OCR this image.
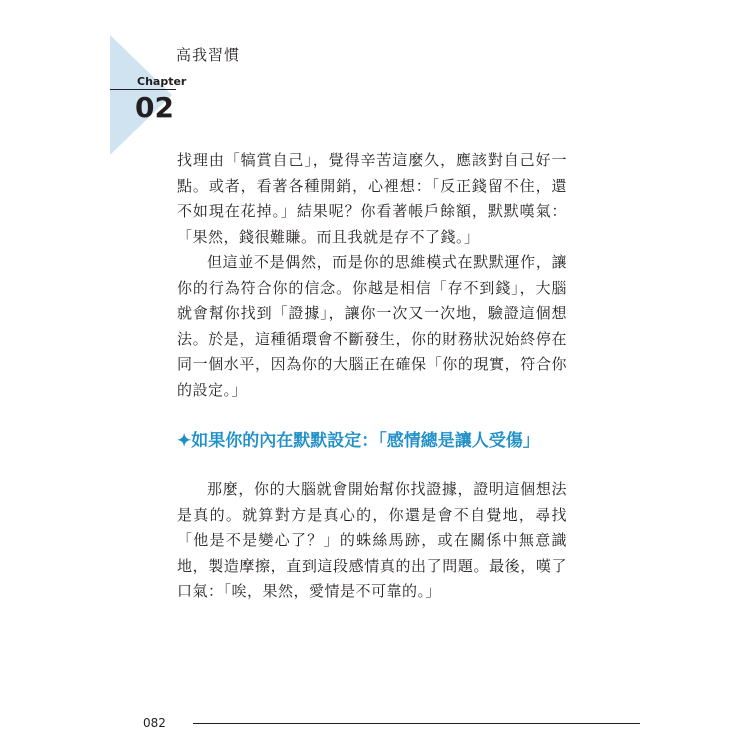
高我習慣
Chapter
02

找理由「犒賞自己」，覺得辛苦這麼久，應該對自己好一點。或者，看著各種開銷，心裡想：「反正錢留不住，還不如現在花掉。」結果呢？你看著帳戶餘額，默默嘆氣：「果然，錢很難賺。而且我就是存不了錢。」

但這並不是偶然，而是你的思維模式在默默運作，讓你的行為符合你的信念。你越是相信「存不到錢」，大腦就會幫你找到「證據」，讓你一次又一次地，驗證這個想法。於是，這種循環會不斷發生，你的財務狀況始終停在同一個水平，因為你的大腦正在確保「你的現實，符合你的設定。」

✦如果你的內在默默設定：「感情總是讓人受傷」

那麼，你的大腦就會開始幫你找證據，證明這個想法是真的。就算對方是真心的，你還是會不自覺地，尋找「他是不是變心了？」的蛛絲馬跡，或在關係中無意識地，製造摩擦，直到這段感情真的出了問題。最後，嘆了口氣：「唉，果然，愛情是不可靠的。」

082
